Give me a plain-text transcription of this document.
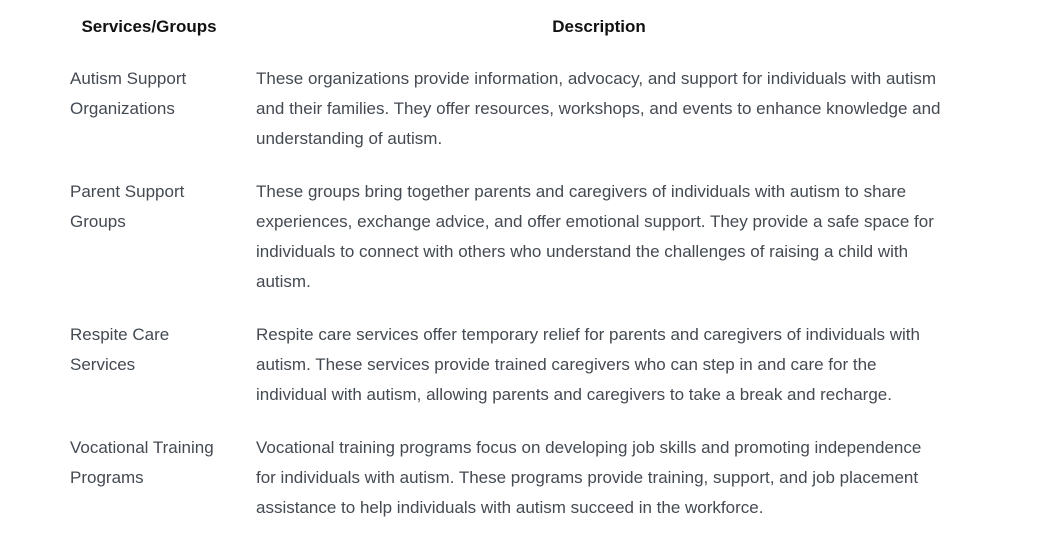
Services/Groups	Description
Autism Support Organizations	These organizations provide information, advocacy, and support for individuals with autism and their families. They offer resources, workshops, and events to enhance knowledge and understanding of autism.
Parent Support Groups	These groups bring together parents and caregivers of individuals with autism to share experiences, exchange advice, and offer emotional support. They provide a safe space for individuals to connect with others who understand the challenges of raising a child with autism.
Respite Care Services	Respite care services offer temporary relief for parents and caregivers of individuals with autism. These services provide trained caregivers who can step in and care for the individual with autism, allowing parents and caregivers to take a break and recharge.
Vocational Training Programs	Vocational training programs focus on developing job skills and promoting independence for individuals with autism. These programs provide training, support, and job placement assistance to help individuals with autism succeed in the workforce.
